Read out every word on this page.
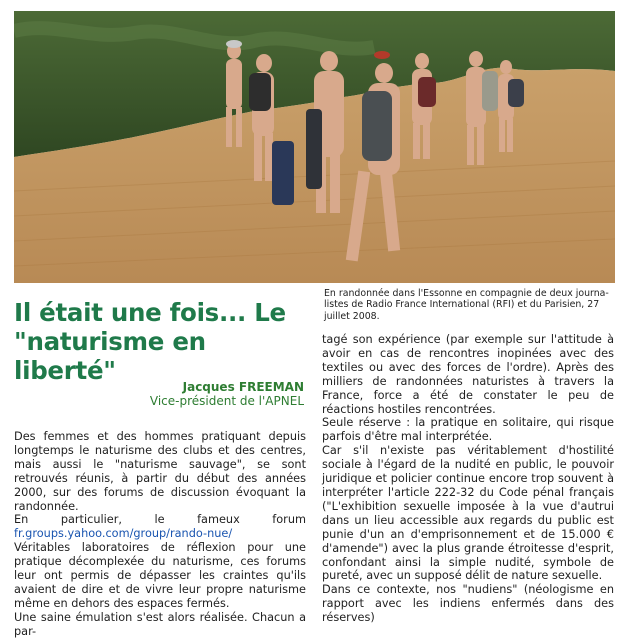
En randonnée dans l'Essonne en compagnie de deux journa-
listes de Radio France International (RFI) et du Parisien, 27
juillet 2008.
Il était une fois... Le
"naturisme en liberté"
Jacques FREEMAN
Vice-président de l'APNEL

Des femmes et des hommes pratiquant depuis longtemps le naturisme des clubs et des centres, mais aussi le "naturisme sauvage", se sont retrouvés réunis, à partir du début des années 2000, sur des forums de discussion évoquant la randonnée.

En particulier, le fameux forum fr.groups.yahoo.com/group/rando-nue/

Véritables laboratoires de réflexion pour une pratique décomplexée du naturisme, ces forums leur ont permis de dépasser les craintes qu'ils avaient de dire et de vivre leur propre naturisme même en dehors des espaces fermés.

Une saine émulation s'est alors réalisée. Chacun a par-

tagé son expérience (par exemple sur l'attitude à avoir en cas de rencontres inopinées avec des textiles ou avec des forces de l'ordre). Après des milliers de randonnées naturistes à travers la France, force a été de constater le peu de réactions hostiles rencontrées.

Seule réserve : la pratique en solitaire, qui risque parfois d'être mal interprétée.

Car s'il n'existe pas véritablement d'hostilité sociale à l'égard de la nudité en public, le pouvoir juridique et policier continue encore trop souvent à interpréter l'article 222-32 du Code pénal français ("L'exhibition sexuelle imposée à la vue d'autrui dans un lieu accessible aux regards du public est punie d'un an d'emprisonnement et de 15.000 € d'amende") avec la plus grande étroitesse d'esprit, confondant ainsi la simple nudité, symbole de pureté, avec un supposé délit de nature sexuelle.

Dans ce contexte, nos "nudiens" (néologisme en rapport avec les indiens enfermés dans des réserves)
